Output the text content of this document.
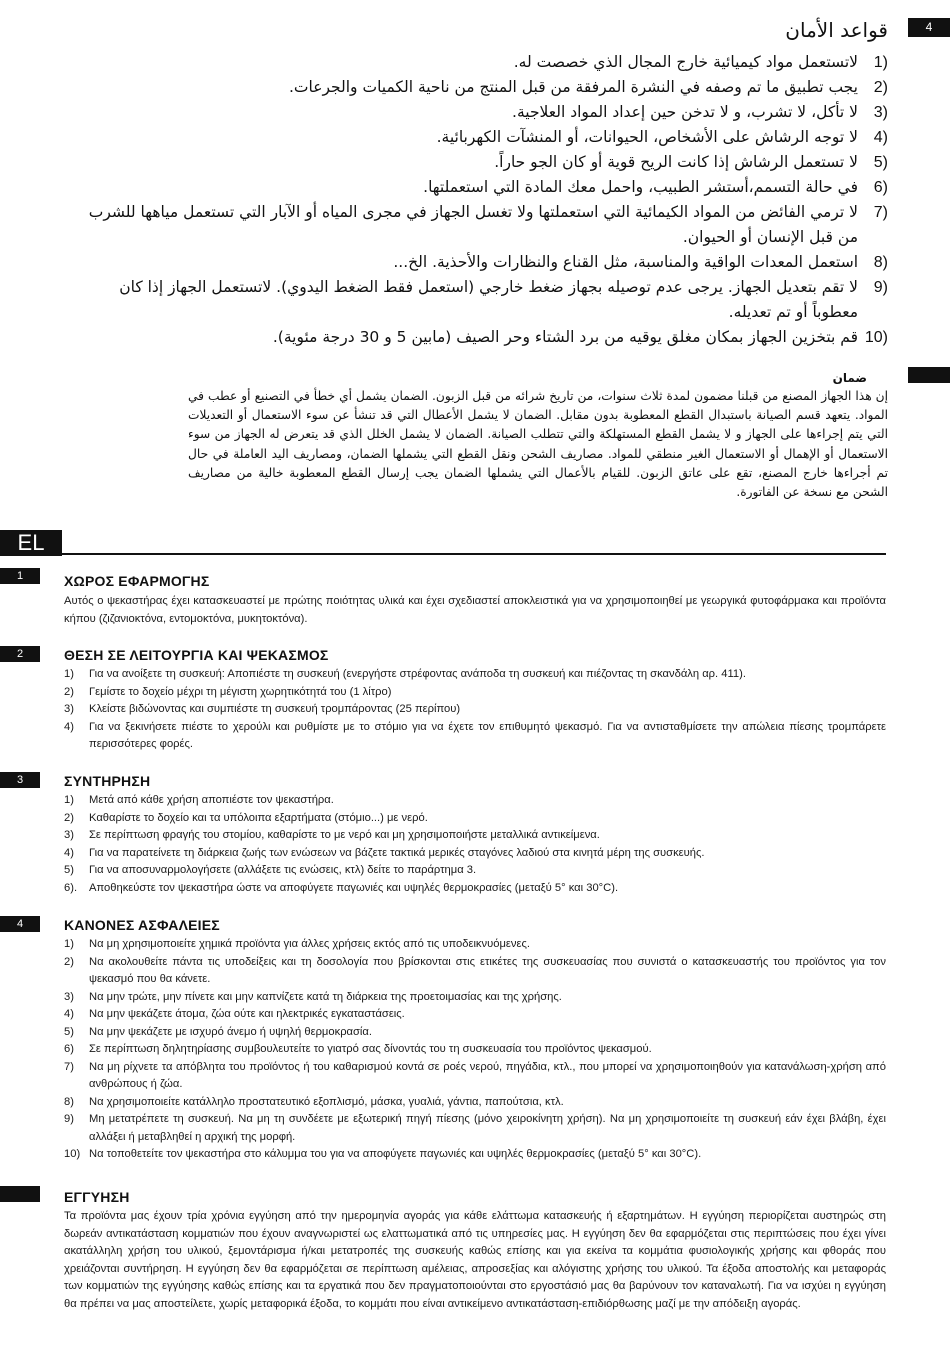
4
قواعد الأمان
1)
لاتستعمل مواد كيميائية خارج المجال الذي خصصت له.
2)
يجب تطبيق ما تم وصفه في النشرة المرفقة من قبل المنتج من ناحية الكميات والجرعات.
3)
لا تأكل، لا تشرب، و لا تدخن حين إعداد المواد العلاجية.
4)
لا توجه الرشاش على الأشخاص، الحيوانات، أو المنشآت الكهربائية.
5)
لا تستعمل الرشاش إذا كانت الريح قوية أو كان الجو حاراً.
6)
في حالة التسمم،أستشر الطبيب، واحمل معك المادة التي استعملتها.
7)
لا ترمي الفائض من المواد الكيمائية التي استعملتها ولا تغسل الجهاز في مجرى المياه أو الآبار التي تستعمل مياهها للشرب من قبل الإنسان أو الحيوان.
8)
استعمل المعدات الواقية والمناسبة، مثل القناع والنظارات والأحذية. الخ...
9)
لا تقم بتعديل الجهاز. يرجى عدم توصيله بجهاز ضغط خارجي (استعمل فقط الضغط اليدوي). لاتستعمل الجهاز إذا كان معطوباً أو تم تعديله.
10)
قم بتخزين الجهاز بمكان مغلق يوقيه من برد الشتاء وحر الصيف (مابين 5 و 30 درجة مئوية).
ضمان
إن هذا الجهاز المصنع من قبلنا مضمون لمدة ثلاث سنوات، من تاريخ شرائه من قبل الزبون. الضمان يشمل أي خطأ في التصنيع أو عطب في المواد. يتعهد قسم الصيانة باستبدال القطع المعطوبة بدون مقابل. الضمان لا يشمل الأعطال التي قد تنشأ عن سوء الاستعمال أو التعديلات التي يتم إجراءها على الجهاز و لا يشمل القطع المستهلكة والتي تتطلب الصيانة. الضمان لا يشمل الخلل الذي قد يتعرض له الجهاز من سوء الاستعمال أو الإهمال أو الاستعمال الغير منطقي للمواد. مصاريف الشحن ونقل القطع التي يشملها الضمان، ومصاريف اليد العاملة في حال تم أجراءها خارج المصنع، تقع على عاتق الزبون. للقيام بالأعمال التي يشملها الضمان يجب إرسال القطع المعطوبة خالية من مصاريف الشحن مع نسخة عن الفاتورة.
EL
1	ΧΩΡΟΣ ΕΦΑΡΜΟΓΗΣ

Αυτός ο ψεκαστήρας έχει κατασκευαστεί με πρώτης ποιότητας υλικά και έχει σχεδιαστεί αποκλειστικά για να χρησιμοποιηθεί με γεωργικά φυτοφάρμακα και προϊόντα κήπου (ζιζανιοκτόνα, εντομοκτόνα, μυκητοκτόνα).

2	ΘΕΣΗ ΣΕ ΛΕΙΤΟΥΡΓΙΑ ΚΑΙ ΨΕΚΑΣΜΟΣ
1) Για να ανοίξετε τη συσκευή: Αποπιέστε τη συσκευή (ενεργήστε στρέφοντας ανάποδα τη συσκευή και πιέζοντας τη σκανδάλη αρ. 411).
2) Γεμίστε το δοχείο μέχρι τη μέγιστη χωρητικότητά του (1 λίτρο)
3) Κλείστε βιδώνοντας και συμπιέστε τη συσκευή τρομπάροντας (25 περίπου)
4) Για να ξεκινήσετε πιέστε το χερούλι και ρυθμίστε με το στόμιο για να έχετε τον επιθυμητό ψεκασμό. Για να αντισταθμίσετε την απώλεια πίεσης τρομπάρετε περισσότερες φορές.
3	ΣΥΝΤΗΡΗΣΗ
1) Μετά από κάθε χρήση αποπιέστε τον ψεκαστήρα.
2) Καθαρίστε το δοχείο και τα υπόλοιπα εξαρτήματα (στόμιο...) με νερό.
3) Σε περίπτωση φραγής του στομίου, καθαρίστε το με νερό και μη χρησιμοποιήστε μεταλλικά αντικείμενα.
4) Για να παρατείνετε τη διάρκεια ζωής των ενώσεων να βάζετε τακτικά μερικές σταγόνες λαδιού στα κινητά μέρη της συσκευής.
5) Για να αποσυναρμολογήσετε (αλλάξετε τις ενώσεις, κτλ) δείτε το παράρτημα 3.
6). Αποθηκεύστε τον ψεκαστήρα ώστε να αποφύγετε παγωνιές και υψηλές θερμοκρασίες (μεταξύ 5° και 30°C).
4	ΚΑΝΟΝΕΣ ΑΣΦΑΛΕΙΕΣ
1) Να μη χρησιμοποιείτε χημικά προϊόντα για άλλες χρήσεις εκτός από τις υποδεικνυόμενες.
2) Να ακολουθείτε πάντα τις υποδείξεις και τη δοσολογία που βρίσκονται στις ετικέτες της συσκευασίας που συνιστά ο κατασκευαστής του προϊόντος για τον ψεκασμό που θα κάνετε.
3) Να μην τρώτε, μην πίνετε και μην καπνίζετε κατά τη διάρκεια της προετοιμασίας και της χρήσης.
4) Να μην ψεκάζετε άτομα, ζώα ούτε και ηλεκτρικές εγκαταστάσεις.
5) Να μην ψεκάζετε με ισχυρό άνεμο ή υψηλή θερμοκρασία.
6) Σε περίπτωση δηλητηρίασης συμβουλευτείτε το γιατρό σας δίνοντάς του τη συσκευασία του προϊόντος ψεκασμού.
7) Να μη ρίχνετε τα απόβλητα του προϊόντος ή του καθαρισμού κοντά σε ροές νερού, πηγάδια, κτλ., που μπορεί να χρησιμοποιηθούν για κατανάλωση-χρήση από ανθρώπους ή ζώα.
8) Να χρησιμοποιείτε κατάλληλο προστατευτικό εξοπλισμό, μάσκα, γυαλιά, γάντια, παπούτσια, κτλ.
9) Μη μετατρέπετε τη συσκευή. Να μη τη συνδέετε με εξωτερική πηγή πίεσης (μόνο χειροκίνητη χρήση). Να μη χρησιμοποιείτε τη συσκευή εάν έχει βλάβη, έχει αλλάξει ή μεταβληθεί η αρχική της μορφή.
10) Να τοποθετείτε τον ψεκαστήρα στο κάλυμμα του για να αποφύγετε παγωνιές και υψηλές θερμοκρασίες (μεταξύ 5° και 30°C).
ΕΓΓΥΗΣΗ

Τα προϊόντα μας έχουν τρία χρόνια εγγύηση από την ημερομηνία αγοράς για κάθε ελάττωμα κατασκευής ή εξαρτημάτων. Η εγγύηση περιορίζεται αυστηρώς στη δωρεάν αντικατάσταση κομματιών που έχουν αναγνωριστεί ως ελαττωματικά από τις υπηρεσίες μας. Η εγγύηση δεν θα εφαρμόζεται στις περιπτώσεις που έχει γίνει ακατάλληλη χρήση του υλικού, ξεμοντάρισμα ή/και μετατροπές της συσκευής καθώς επίσης και για εκείνα τα κομμάτια φυσιολογικής χρήσης και φθοράς που χρειάζονται συντήρηση. Η εγγύηση δεν θα εφαρμόζεται σε περίπτωση αμέλειας, απροσεξίας και αλόγιστης χρήσης του υλικού. Τα έξοδα αποστολής και μεταφοράς των κομματιών της εγγύησης καθώς επίσης και τα εργατικά που δεν πραγματοποιούνται στο εργοστάσιό μας θα βαρύνουν τον καταναλωτή. Για να ισχύει η εγγύηση θα πρέπει να μας αποστείλετε, χωρίς μεταφορικά έξοδα, το κομμάτι που είναι αντικείμενο αντικατάσταση-επιδιόρθωσης μαζί με την απόδειξη αγοράς.
